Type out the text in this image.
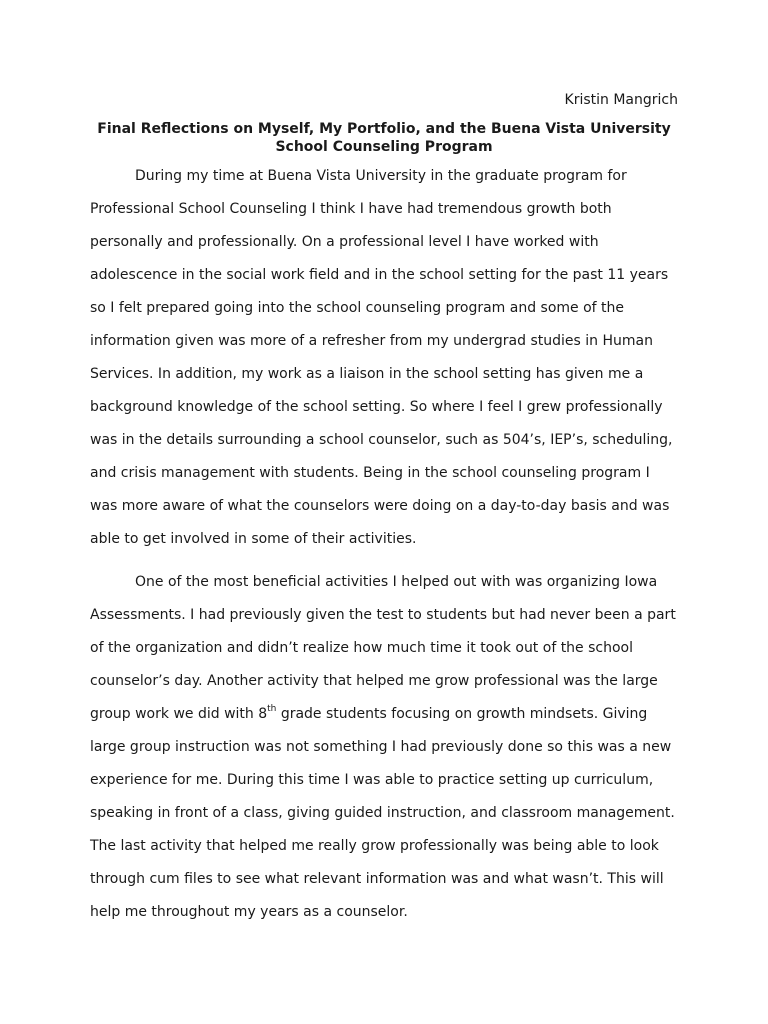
Kristin Mangrich

Final Reflections on Myself, My Portfolio, and the Buena Vista University
School Counseling Program

During my time at Buena Vista University in the graduate program for

Professional School Counseling I think I have had tremendous growth both

personally and professionally. On a professional level I have worked with

adolescence in the social work field and in the school setting for the past 11 years

so I felt prepared going into the school counseling program and some of the

information given was more of a refresher from my undergrad studies in Human

Services. In addition, my work as a liaison in the school setting has given me a

background knowledge of the school setting. So where I feel I grew professionally

was in the details surrounding a school counselor, such as 504’s, IEP’s, scheduling,

and crisis management with students. Being in the school counseling program I

was more aware of what the counselors were doing on a day-to-day basis and was

able to get involved in some of their activities.

One of the most beneficial activities I helped out with was organizing Iowa

Assessments. I had previously given the test to students but had never been a part

of the organization and didn’t realize how much time it took out of the school

counselor’s day. Another activity that helped me grow professional was the large

group work we did with 8th grade students focusing on growth mindsets. Giving

large group instruction was not something I had previously done so this was a new

experience for me. During this time I was able to practice setting up curriculum,

speaking in front of a class, giving guided instruction, and classroom management.

The last activity that helped me really grow professionally was being able to look

through cum files to see what relevant information was and what wasn’t. This will

help me throughout my years as a counselor.
